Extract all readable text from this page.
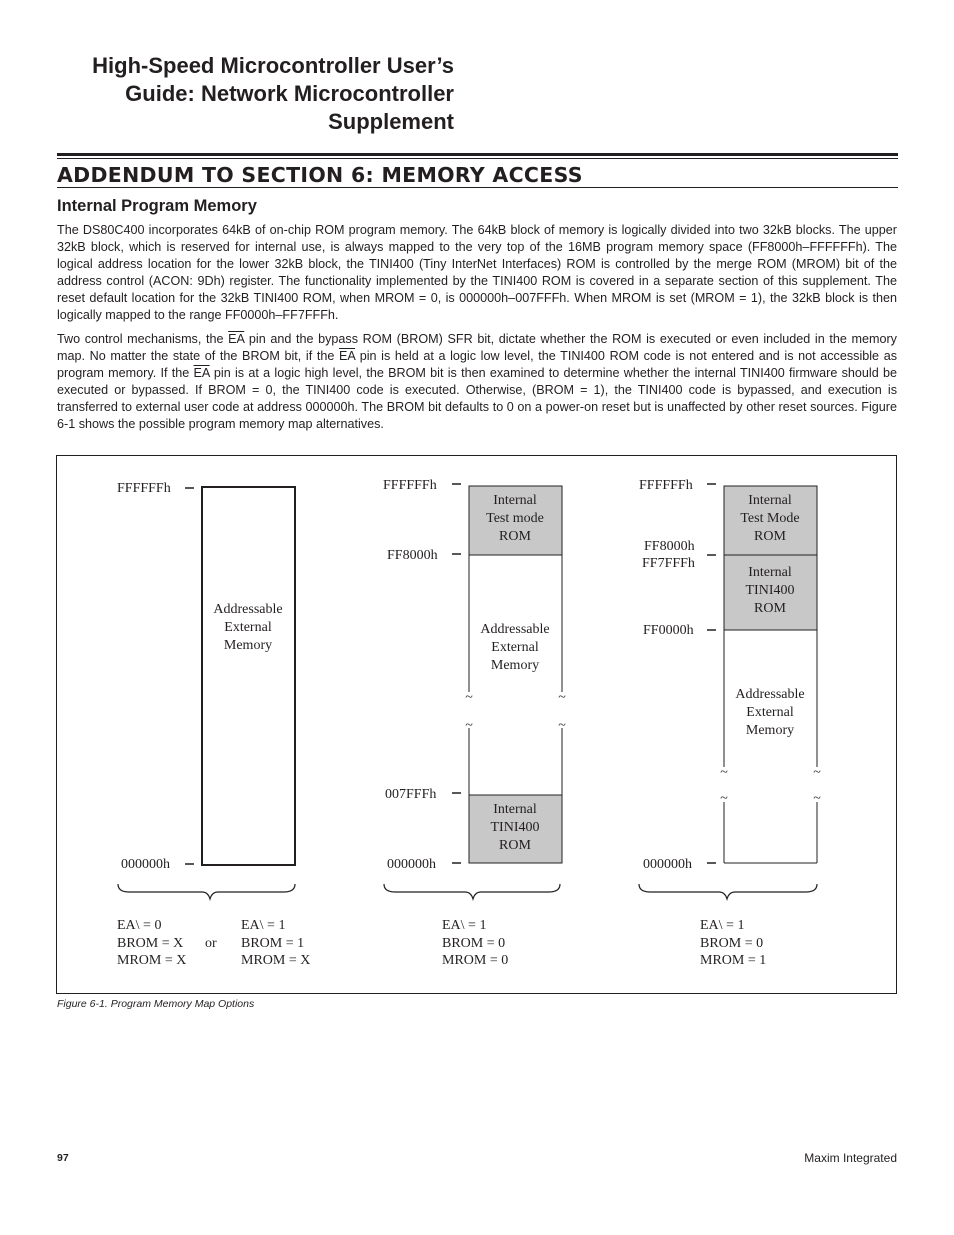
High-Speed Microcontroller User’s
Guide: Network Microcontroller
Supplement
ADDENDUM TO SECTION 6: MEMORY ACCESS
Internal Program Memory

The DS80C400 incorporates 64kB of on-chip ROM program memory. The 64kB block of memory is logically divided into two 32kB blocks. The upper 32kB block, which is reserved for internal use, is always mapped to the very top of the 16MB program memory space (FF8000h–FFFFFFh). The logical address location for the lower 32kB block, the TINI400 (Tiny InterNet Interfaces) ROM is controlled by the merge ROM (MROM) bit of the address control (ACON: 9Dh) register. The functionality implemented by the TINI400 ROM is covered in a separate section of this supplement. The reset default location for the 32kB TINI400 ROM, when MROM = 0, is 000000h–007FFFh. When MROM is set (MROM = 1), the 32kB block is then logically mapped to the range FF0000h–FF7FFFh.

Two control mechanisms, the $\overline{EA}$ pin and the bypass ROM (BROM) SFR bit, dictate whether the ROM is executed or even included in the memory map. No matter the state of the BROM bit, if the $\overline{EA}$ pin is held at a logic low level, the TINI400 ROM code is not entered and is not accessible as program memory. If the $\overline{EA}$ pin is at a logic high level, the BROM bit is then examined to determine whether the internal TINI400 firmware should be executed or bypassed. If BROM = 0, the TINI400 code is executed. Otherwise, (BROM = 1), the TINI400 code is bypassed, and execution is transferred to external user code at address 000000h. The BROM bit defaults to 0 on a power-on reset but is unaffected by other reset sources. Figure 6-1 shows the possible program memory map alternatives.

FFFFFFh
000000h
Addressable
External
Memory
EA\ = 0
BROM = X
MROM = X
or
EA\ = 1
BROM = 1
MROM = X
FFFFFFh
FF8000h
007FFFh
000000h
Internal
Test mode
ROM
Addressable
External
Memory
Internal
TINI400
ROM
~	~
~	~
EA\ = 1
BROM = 0
MROM = 0
FFFFFFh
FF8000h
FF7FFFh
FF0000h
000000h
Internal
Test Mode
ROM
Internal
TINI400
ROM
Addressable
External
Memory
~	~
~	~
EA\ = 1
BROM = 0
MROM = 1

Figure 6-1. Program Memory Map Options

97	Maxim Integrated
